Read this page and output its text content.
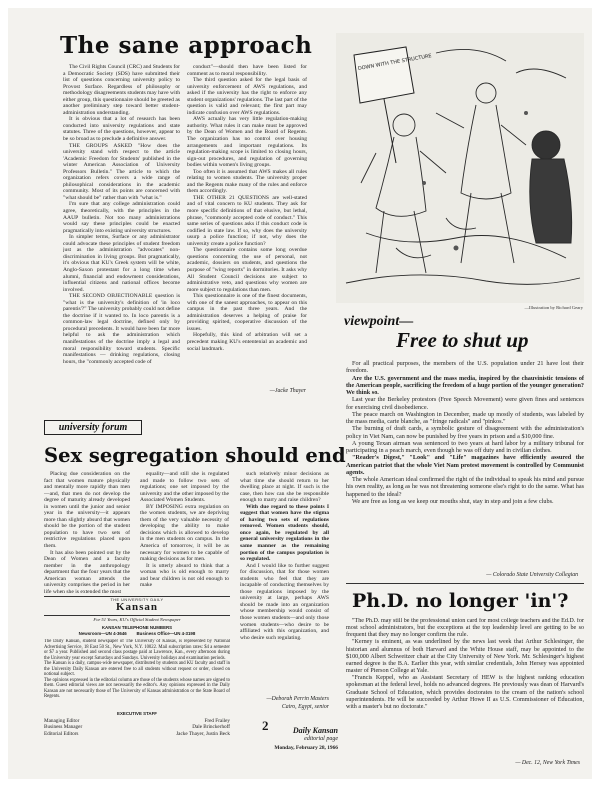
The sane approach

The Civil Rights Council (CRC) and Students for a Democratic Society (SDS) have submitted their list of questions concerning university policy to Provost Surface. Regardless of philosophy or methodology disagreements students may have with either group, this questionnaire should be greeted as another preliminary step toward better student-administration understanding.

It is obvious that a lot of research has been conducted into university regulations and state statutes. Three of the questions, however, appear to be so broad as to preclude a definitive answer.

THE GROUPS ASKED "How does the university stand with respect to the article 'Academic Freedom for Students' published in the winter American Association of University Professors Bulletin." The article to which the organization refers covers a wide range of philosophical considerations in the academic community. Most of its points are concerned with "what should be" rather than with "what is."

I'm sure that any college administration could agree, theoretically, with the principles in the AAUP bulletin. Not too many administrations would say these principles could be enacted pragmatically into existing university structures.

In simpler terms, Surface or any administrator could advocate these principles of student freedom just as the administration "advocates" non-discrimination in living groups. But pragmatically, it's obvious that KU's Greek system will be white, Anglo-Saxon protestant for a long time when alumni, financial and endowment considerations, influential citizens and national offices become involved.

THE SECOND OBJECTIONABLE question is "what is the university's definition of 'in loco parentis'?" The university probably could not define the doctrine if it wanted to. In loco parentis is a common-law legal doctrine, defined only by procedural precedents. It would have been far more helpful to ask the administration which manifestations of the doctrine imply a legal and moral responsibility toward students. Specific manifestations — drinking regulations, closing hours, the "commonly accepted code of

conduct"—should then have been listed for comment as to moral responsibility.

The third question asked for the legal basis of university enforcement of AWS regulations, and asked if the university has the right to enforce any student organizations' regulations. The last part of the question is valid and relevant; the first part may indicate confusion over AWS regulations.

AWS actually has very little regulation-making authority. What rules it can make must be approved by the Dean of Women and the Board of Regents. The organization has no control over housing arrangements and important regulations. Its regulation-making scope is limited to closing hours, sign-out procedures, and regulation of governing bodies within women's living groups.

Too often it is assumed that AWS makes all rules relating to women students. The university proper and the Regents make many of the rules and enforce them accordingly.

THE OTHER 21 QUESTIONS are well-stated and of vital concern to KU students. They ask for more specific definitions of that elusive, but lethal, phrase, "commonly accepted code of conduct." This same series of questions asks if this conduct code is codified in state law. If so, why does the university usurp a police function; if not, why does the university create a police function?

The questionnaire contains some long overdue questions concerning the use of personal, not academic, dossiers on students, and questions the purpose of "wing reports" in dormitories. It asks why All Student Council decisions are subject to administrative veto, and questions why women are more subject to regulations than men.

This questionnaire is one of the finest documents, with one of the sanest approaches, to appear on this campus in the past three years. And the administration deserves a helping of praise for providing spirited, cooperative discussion of the issues.

Hopefully, this kind of arbitration will set a precedent making KU's ententenial an academic and social landmark.

—Jacke Thayer
DOWN WITH THE STRUCTURE
—Illustration by Richard Geary
university forum
Sex segregation should end

Placing due consideration on the fact that women mature physically and mentally more rapidly than men—and, that men do not develop the degree of maturity already developed in women until the junior and senior year in the university—it appears more than slightly absurd that women should be the portion of the student population to have two sets of restrictive regulations placed upon them.

It has also been pointed out by the Dean of Women and a faculty member in the anthropology department that the four years that the American woman attends the university comprises the period in her life when she is extended the most

equality—and still she is regulated and made to follow two sets of regulations; one set imposed by the university and the other imposed by the Associated Women Students.

BY IMPOSING extra regulation on the women students, we are depriving them of the very valuable necessity of developing the ability to make decisions which is allowed to develop in the men students on campus. In the America of tomorrow, it will be as necessary for women to be capable of making decisions as for men.

It is utterly absurd to think that a woman who is old enough to marry and bear children is not old enough to make

such relatively minor decisions as what time she should return to her dwelling place at night. If such is the case, then how can she be responsible enough to marry and raise children?

With due regard to these points I suggest that women have the stigma of having two sets of regulations removed. Women students should, once again, be regulated by all general university regulations in the same manner as the remaining portion of the campus population is so regulated.

And I would like to further suggest for discussion, that for those women students who feel that they are incapable of conducting themselves by those regulations imposed by the university at large, perhaps AWS should be made into an organization whose membership would consist of those women students—and only those women students—who desire to be affiliated with this organization, and who desire such regulating.

—Deborah Perrin Masters
Cairo, Egypt, senior
THE UNIVERSITY DAILY
Kansan
For 51 Years, KU's Official Student Newspaper
KANSAN TELEPHONE NUMBERS
Newsroom—UN 4-3646        Business Office—UN 4-3198

The Daily Kansan, student newspaper of The University of Kansas, is represented by National Advertising Service, 18 East 50 St., New York, N.Y. 10022. Mail subscription rates: $4 a semester or $7 a year. Published and second class postage paid at Lawrence, Kan., every afternoon during the University year except Saturdays and Sundays. University holidays and examination periods.

The Kansan is a daily, campus-wide newspaper, distributed by students and KU faculty and staff in the University Daily Kansan are entered free to all students without request or order, closed on notional subject.

The opinions expressed in the editorial column are those of the students whose names are signed to them. Guest editorial views are not necessarily the editor's. Any opinions expressed in the Daily Kansan are not necessarily those of The University of Kansas administration or the State Board of Regents.

EXECUTIVE STAFF
Managing Editor	Fred Frailey
Business Manager	Dale Brinckerhoff
Editorial Editors	Jacke Thayer, Justin Beck
2	Daily Kansan
editorial page
Monday, February 28, 1966
viewpoint—
Free to shut up

For all practical purposes, the members of the U.S. population under 21 have lost their freedom.

Are the U.S. government and the mass media, inspired by the chauvinistic tensions of the American people, sacrificing the freedom of a huge portion of the younger generation? We think so.

Last year the Berkeley protestors (Free Speech Movement) were given fines and sentences for exercising civil disobedience.

The peace march on Washington in December, made up mostly of students, was labeled by the mass media, carte blanche, as "fringe radicals" and "pinkos."

The burning of draft cards, a symbolic gesture of disagreement with the administration's policy in Viet Nam, can now be punished by five years in prison and a $10,000 fine.

A young Texan airman was sentenced to two years at hard labor by a military tribunal for participating in a peach march, even though he was off duty and in civilian clothes.

"Reader's Digest," "Look" and "Life" magazines have efficiently assured the American patriot that the whole Viet Nam protest movement is controlled by Communist agents.

The whole American ideal confirmed the right of the individual to speak his mind and pursue his own reality, as long as he was not threatening someone else's right to do the same. What has happened to the ideal?

We are free as long as we keep our mouths shut, stay in step and join a few clubs.

— Colorado State University Collegian
Ph.D. no longer 'in'?

"The Ph.D. may still be the professional union card for most college teachers and the Ed.D. for most school administrators, but the exceptions at the top leadership level are getting to be so frequent that they may no longer confirm the rule.

"Kerney is eminent, as was underlined by the news last week that Arthur Schlesinger, the historian and alumnus of both Harvard and the White House staff, may be appointed to the $100,000 Albert Schweitzer chair at the City University of New York. Mr. Schlesinger's highest earned degree is the B.A. Earlier this year, with similar credentials, John Hersey was appointed master of Pierson College at Yale.

"Francis Keppel, who as Assistant Secretary of HEW is the highest ranking education spokesman at the federal level, holds no advanced degrees. He previously was dean of Harvard's Graduate School of Education, which provides doctorates to the cream of the nation's school superintendents. He will be succeeded by Arthur Howe II as U.S. Commissioner of Education, with a master's but no doctorate."

— Dec. 12, New York Times
